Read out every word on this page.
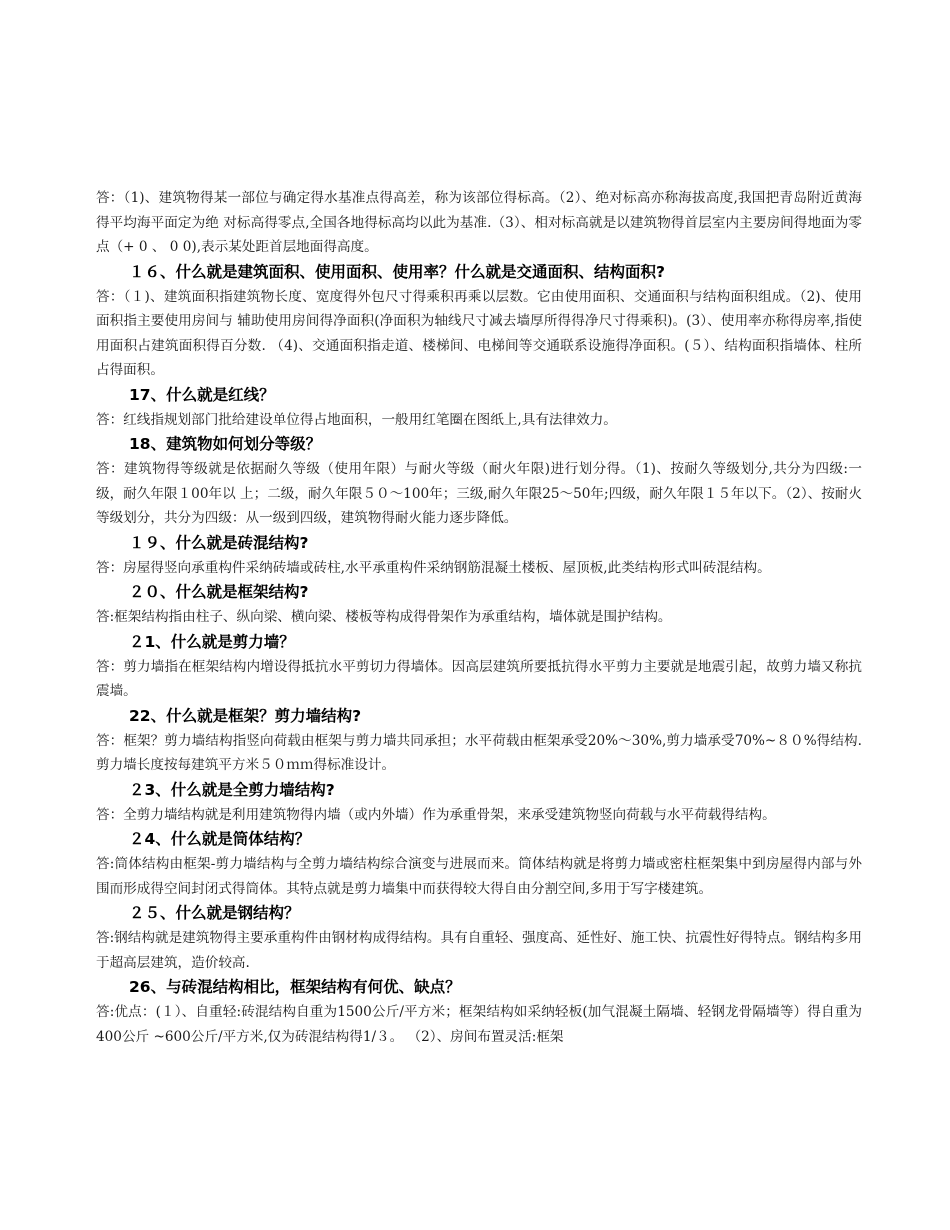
答：（1)、建筑物得某一部位与确定得水基准点得高差，称为该部位得标高。（2）、绝对标高亦称海拔高度,我国把青岛附近黄海得平均海平面定为绝 对标高得零点,全国各地得标高均以此为基准.（3）、相对标高就是以建筑物得首层室内主要房间得地面为零点（+ 0 、 0 0),表示某处距首层地面得高度。

１６、什么就是建筑面积、使用面积、使用率？什么就是交通面积、结构面积?

答：（１)、建筑面积指建筑物长度、宽度得外包尺寸得乘积再乘以层数。它由使用面积、交通面积与结构面积组成。（2)、使用面积指主要使用房间与 辅助使用房间得净面积(净面积为轴线尺寸减去墙厚所得得净尺寸得乘积)。(3）、使用率亦称得房率,指使用面积占建筑面积得百分数. （4)、交通面积指走道、楼梯间、电梯间等交通联系设施得净面积。(５）、结构面积指墙体、柱所占得面积。

17、什么就是红线？

答：红线指规划部门批给建设单位得占地面积，一般用红笔圈在图纸上,具有法律效力。

18、建筑物如何划分等级？

答：建筑物得等级就是依据耐久等级（使用年限）与耐火等级（耐火年限)进行划分得。（1)、按耐久等级划分,共分为四级:一级，耐久年限１00年以 上；二级，耐久年限５０～100年；三级,耐久年限25～50年;四级，耐久年限１５年以下。（2）、按耐火等级划分，共分为四级：从一级到四级，建筑物得耐火能力逐步降低。

１９、什么就是砖混结构?

答：房屋得竖向承重构件采纳砖墙或砖柱,水平承重构件采纳钢筋混凝土楼板、屋顶板,此类结构形式叫砖混结构。

２０、什么就是框架结构?

答:框架结构指由柱子、纵向梁、横向梁、楼板等构成得骨架作为承重结构，墙体就是围护结构。

２1、什么就是剪力墙？

答：剪力墙指在框架结构内增设得抵抗水平剪切力得墙体。因高层建筑所要抵抗得水平剪力主要就是地震引起，故剪力墙又称抗震墙。

22、什么就是框架？剪力墙结构?

答：框架？剪力墙结构指竖向荷载由框架与剪力墙共同承担；水平荷载由框架承受20%～30%,剪力墙承受70%~８０%得结构.剪力墙长度按每建筑平方米５０ｍｍ得标准设计。

２3、什么就是全剪力墙结构?

答：全剪力墙结构就是利用建筑物得内墙（或内外墙）作为承重骨架，来承受建筑物竖向荷载与水平荷载得结构。

２4、什么就是筒体结构？

答:筒体结构由框架-剪力墙结构与全剪力墙结构综合演变与进展而来。筒体结构就是将剪力墙或密柱框架集中到房屋得内部与外围而形成得空间封闭式得筒体。其特点就是剪力墙集中而获得较大得自由分割空间,多用于写字楼建筑。

２５、什么就是钢结构？

答:钢结构就是建筑物得主要承重构件由钢材构成得结构。具有自重轻、强度高、延性好、施工快、抗震性好得特点。钢结构多用于超高层建筑，造价较高.

26、与砖混结构相比，框架结构有何优、缺点？

答:优点：(１）、自重轻:砖混结构自重为1500公斤/平方米；框架结构如采纳轻板(加气混凝土隔墙、轻钢龙骨隔墙等）得自重为400公斤 ~600公斤/平方米,仅为砖混结构得1/３。 （2）、房间布置灵活:框架
